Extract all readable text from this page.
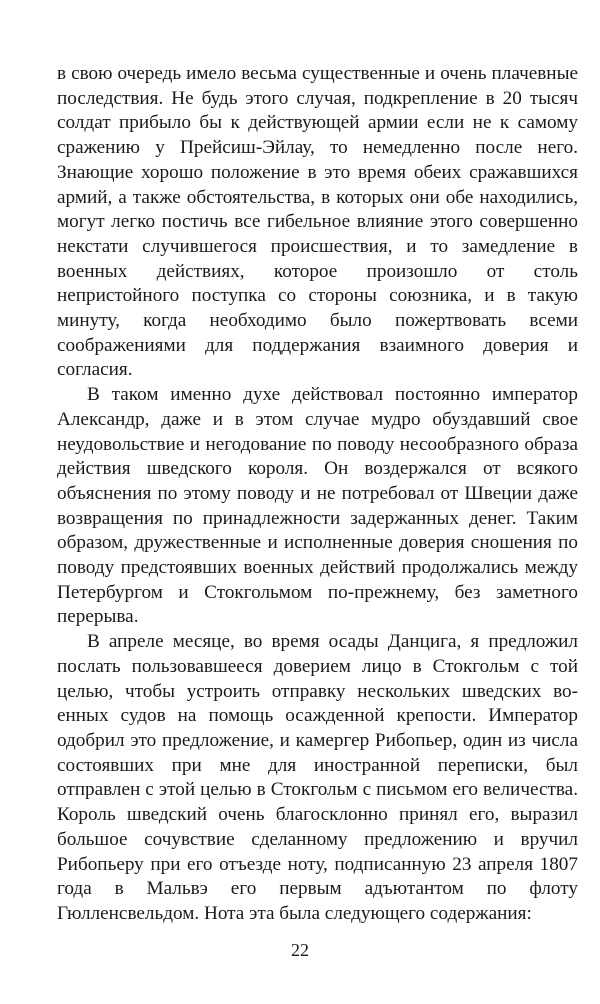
в свою очередь имело весьма существенные и очень плачевные последствия. Не будь этого случая, подкрепление в 20 тысяч солдат прибыло бы к действующей армии если не к самому сражению у Прейсиш-Эйлау, то немедленно после него. Знающие хорошо положение в это время обеих сражавшихся армий, а также обстоятельства, в которых они обе находились, могут легко постичь все гибельное влияние этого совершенно некстати случившегося происшествия, и то замедление в военных действиях, которое произошло от столь непристойного поступка со стороны союзника, и в такую минуту, когда необходимо было пожертвовать всеми соображениями для поддержания взаимного доверия и согласия.

В таком именно духе действовал постоянно император Александр, даже и в этом случае мудро обуздавший свое неудовольствие и негодование по поводу несообразного образа действия шведского короля. Он воздержался от всякого объяснения по этому поводу и не потребовал от Швеции даже возвращения по принадлежности задержанных денег. Таким образом, дружественные и исполненные доверия сношения по поводу предстоявших военных действий продолжались между Петербургом и Стокгольмом по-прежнему, без заметного перерыва.

В апреле месяце, во время осады Данцига, я предложил послать пользовавшееся доверием лицо в Стокгольм с той целью, чтобы устроить отправку нескольких шведских военных судов на помощь осажденной крепости. Император одобрил это предложение, и камергер Рибопьер, один из числа состоявших при мне для иностранной переписки, был отправлен с этой целью в Стокгольм с письмом его величества. Король шведский очень благосклонно принял его, выразил большое сочувствие сделанному предложению и вручил Рибопьеру при его отъезде ноту, подписанную 23 апреля 1807 года в Мальвэ его первым адъютантом по флоту Гюлленсвельдом. Нота эта была следующего содержания:

22
